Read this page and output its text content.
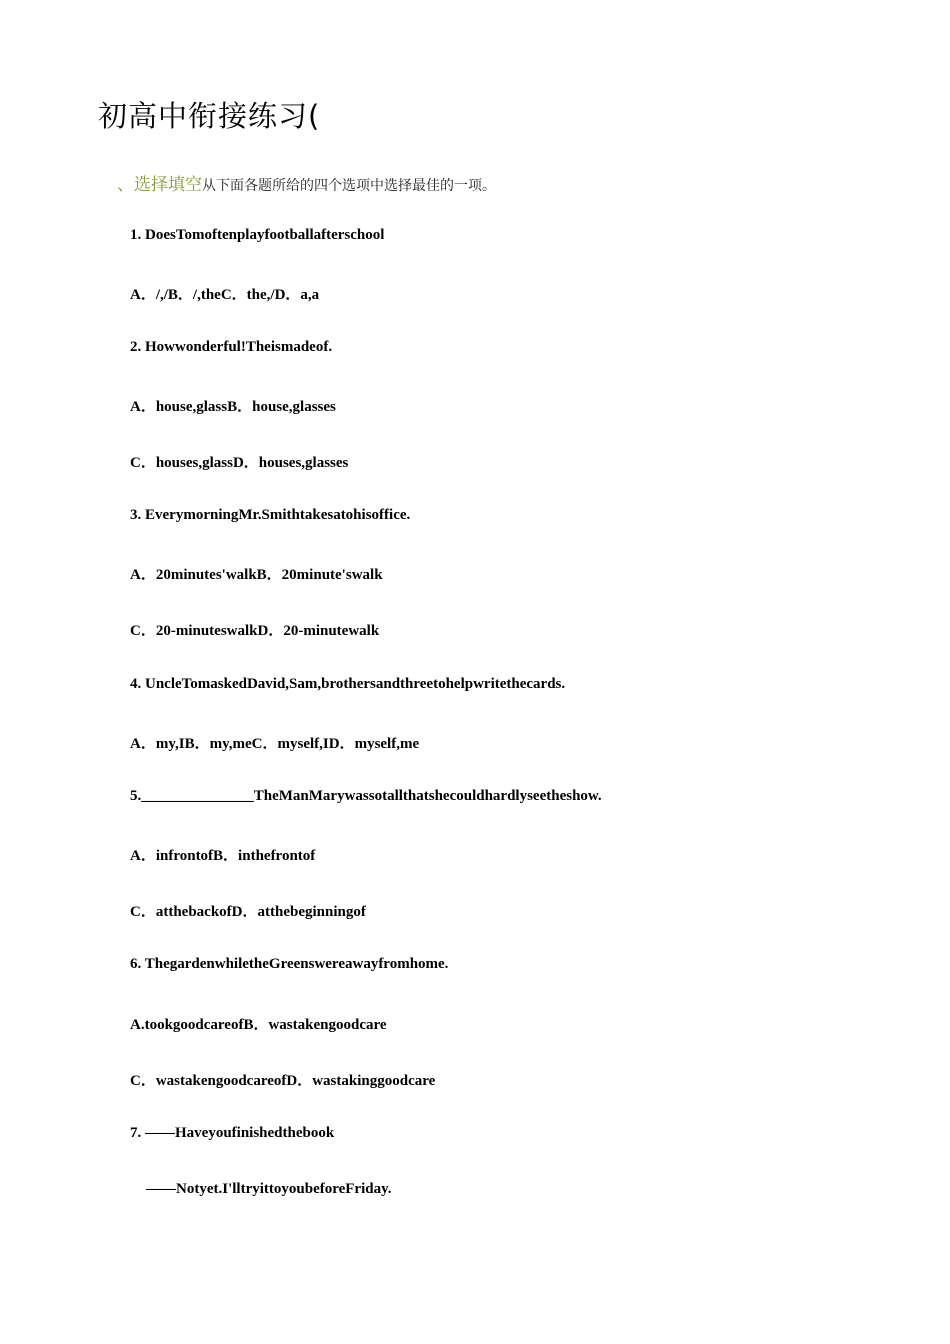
初高中衔接练习(
、选择填空从下面各题所给的四个选项中选择最佳的一项。
1. DoesTomoftenplayfootballafterschool
A．/,/B．/,theC．the,/D．a,a
2. Howwonderful!Theismadeof.
A．house,glassB．house,glasses
C．houses,glassD．houses,glasses
3. EverymorningMr.Smithtakesatohisoffice.
A．20minutes'walkB．20minute'swalk
C．20-minuteswalkD．20-minutewalk
4. UncleTomaskedDavid,Sam,brothersandthreetohelpwritethecards.
A．my,IB．my,meC．myself,ID．myself,me
5._______________TheManMarywassotallthatshecouldhardlyseetheshow.
A．infrontofB．inthefrontof
C．atthebackofD．atthebeginningof
6. ThegardenwhiletheGreenswereawayfromhome.
A.tookgoodcareofB．wastakengoodcare
C．wastakengoodcareofD．wastakinggoodcare
7. ——Haveyoufinishedthebook
——Notyet.I'lltryittoyoubeforeFriday.
